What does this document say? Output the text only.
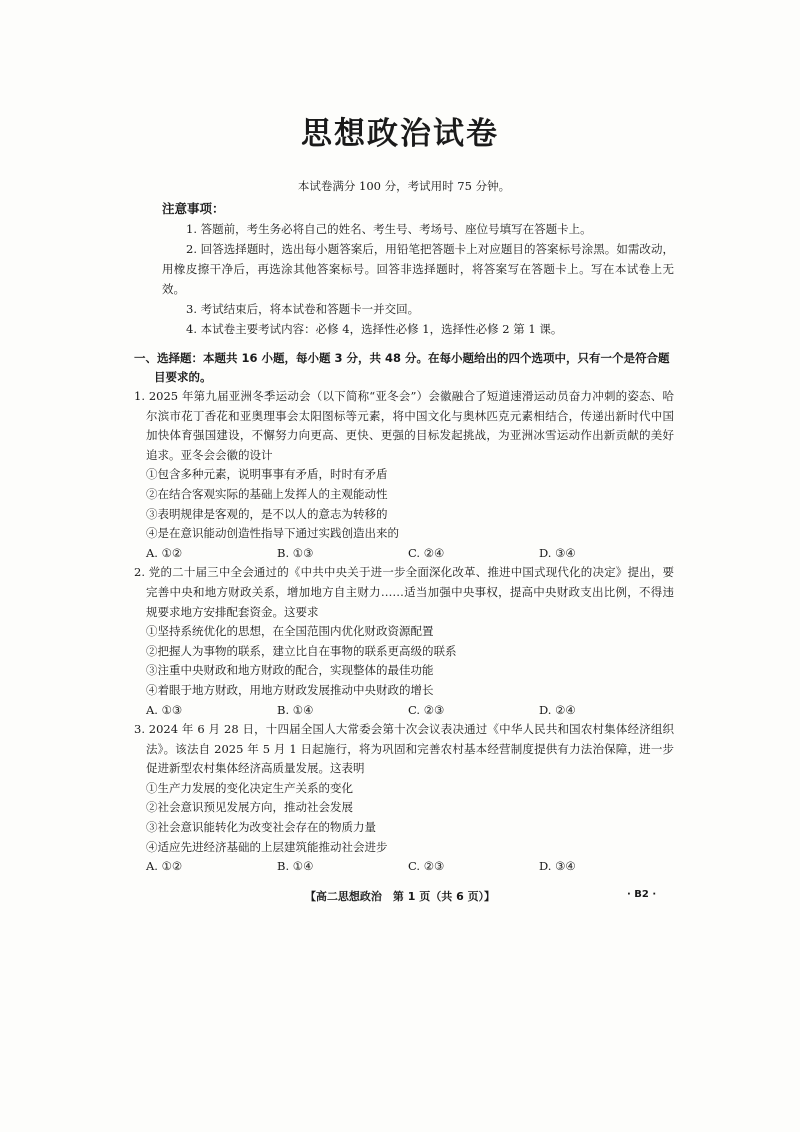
思想政治试卷
本试卷满分 100 分，考试用时 75 分钟。
注意事项：
1. 答题前，考生务必将自己的姓名、考生号、考场号、座位号填写在答题卡上。
2. 回答选择题时，选出每小题答案后，用铅笔把答题卡上对应题目的答案标号涂黑。如需改动，用橡皮擦干净后，再选涂其他答案标号。回答非选择题时，将答案写在答题卡上。写在本试卷上无效。
3. 考试结束后，将本试卷和答题卡一并交回。
4. 本试卷主要考试内容：必修 4，选择性必修 1，选择性必修 2 第 1 课。
一、选择题：本题共 16 小题，每小题 3 分，共 48 分。在每小题给出的四个选项中，只有一个是符合题目要求的。
1. 2025 年第九届亚洲冬季运动会（以下简称“亚冬会”）会徽融合了短道速滑运动员奋力冲刺的姿态、哈尔滨市花丁香花和亚奥理事会太阳图标等元素，将中国文化与奥林匹克元素相结合，传递出新时代中国加快体育强国建设，不懈努力向更高、更快、更强的目标发起挑战，为亚洲冰雪运动作出新贡献的美好追求。亚冬会会徽的设计
①包含多种元素，说明事事有矛盾，时时有矛盾
②在结合客观实际的基础上发挥人的主观能动性
③表明规律是客观的，是不以人的意志为转移的
④是在意识能动创造性指导下通过实践创造出来的
A. ①②	B. ①③	C. ②④	D. ③④
2. 党的二十届三中全会通过的《中共中央关于进一步全面深化改革、推进中国式现代化的决定》提出，要完善中央和地方财政关系，增加地方自主财力……适当加强中央事权，提高中央财政支出比例，不得违规要求地方安排配套资金。这要求
①坚持系统优化的思想，在全国范围内优化财政资源配置
②把握人为事物的联系，建立比自在事物的联系更高级的联系
③注重中央财政和地方财政的配合，实现整体的最佳功能
④着眼于地方财政，用地方财政发展推动中央财政的增长
A. ①③	B. ①④	C. ②③	D. ②④
3. 2024 年 6 月 28 日，十四届全国人大常委会第十次会议表决通过《中华人民共和国农村集体经济组织法》。该法自 2025 年 5 月 1 日起施行，将为巩固和完善农村基本经营制度提供有力法治保障，进一步促进新型农村集体经济高质量发展。这表明
①生产力发展的变化决定生产关系的变化
②社会意识预见发展方向，推动社会发展
③社会意识能转化为改变社会存在的物质力量
④适应先进经济基础的上层建筑能推动社会进步
A. ①②	B. ①④	C. ②③	D. ③④
【高二思想政治　第 1 页（共 6 页）】	· B2 ·
